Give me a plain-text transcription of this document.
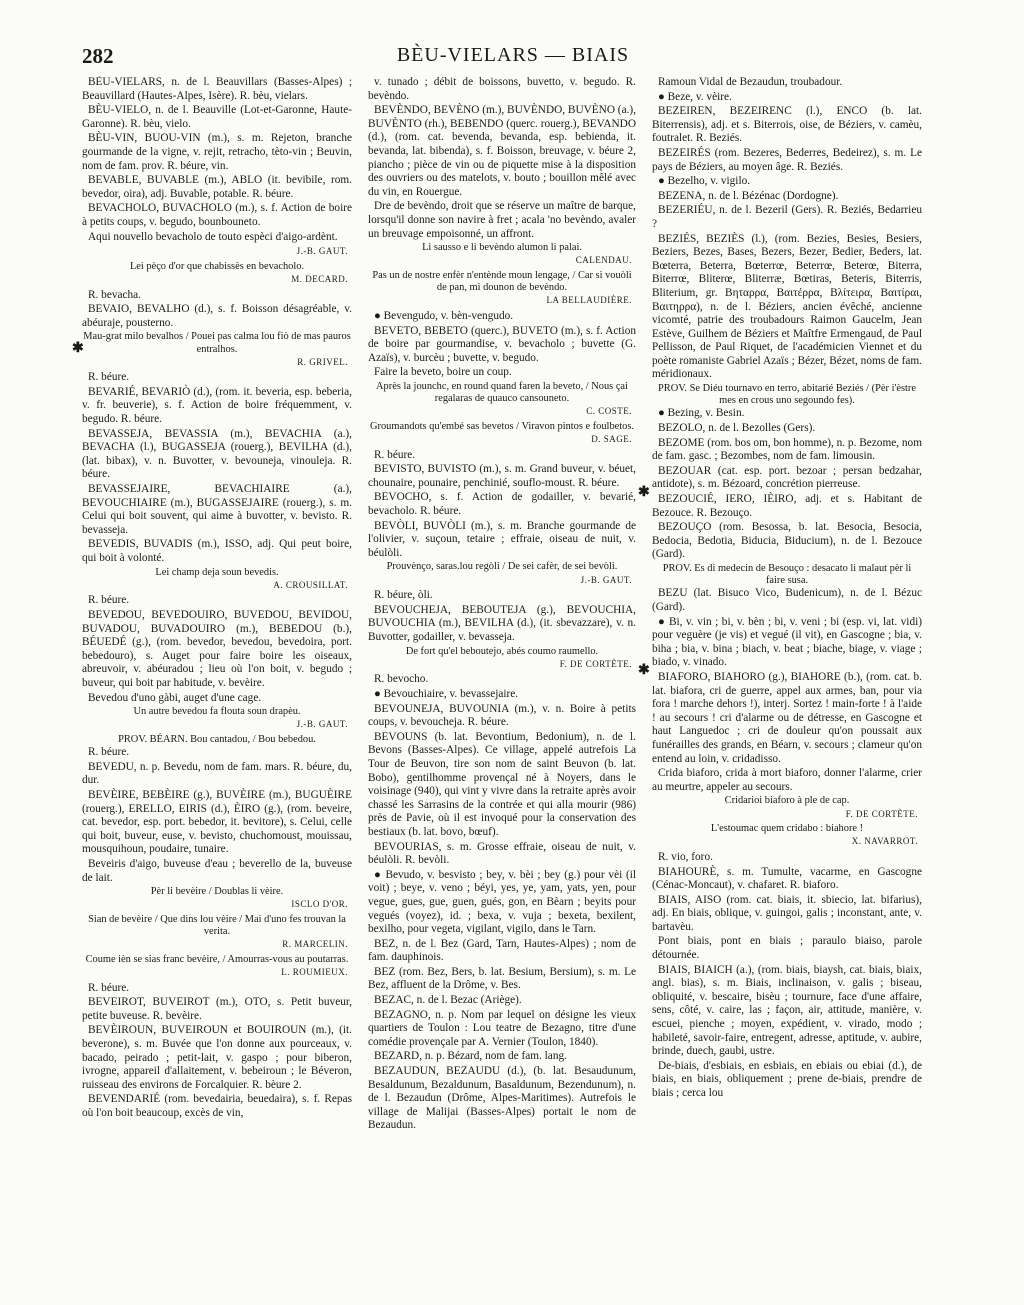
282	BÈU-VIELARS — BIAIS
BÈU-VIELARS, n. de l. Beauvillars (Basses-Alpes) ; Beauvillard (Hautes-Alpes, Isère). R. bèu, vielars.
BÈU-VIELO, n. de l. Beauville (Lot-et-Garonne, Haute-Garonne). R. bèu, vielo.
BÈU-VIN, BUOU-VIN (m.), s. m. Rejeton, branche gourmande de la vigne, v. rejit, retracho, tèto-vin ; Beuvin, nom de fam. prov. R. béure, vin.
BEVABLE, BUVABLE (m.), ABLO (it. bevibile, rom. bevedor, oira), adj. Buvable, potable. R. béure.
BEVACHOLO, BUVACHOLO (m.), s. f. Action de boire à petits coups, v. begudo, bounbouneto.
Aqui nouvello bevacholo de touto espèci d'aigo-ardènt.
J.-B. GAUT.
Lei pèço d'or que chabissès en bevacholo.
M. DECARD.
R. bevacha.
BEVAIO, BEVALHO (d.), s. f. Boisson désagréable, v. abéuraje, pousterno.
Mau-grat milo bevalhos / Pouei pas calma lou fiò de mas pauros entralhos.
R. GRIVEL.
R. béure.
BEVARIÉ, BEVARIÒ (d.), (rom. it. beveria, esp. beberia, v. fr. beuverie), s. f. Action de boire fréquemment, v. begudo. R. béure.
BEVASSEJA, BEVASSIA (m.), BEVACHIA (a.), BEVACHA (l.), BUGASSEJA (rouerg.), BEVILHA (d.), (lat. bibax), v. n. Buvotter, v. bevouneja, vinouleja. R. béure.
BEVASSEJAIRE, BEVACHIAIRE (a.), BEVOUCHIAIRE (m.), BUGASSEJAIRE (rouerg.), s. m. Celui qui boit souvent, qui aime à buvotter, v. bevisto. R. bevasseja.
BEVEDIS, BUVADIS (m.), ISSO, adj. Qui peut boire, qui boit à volonté.
Lei champ deja soun bevedis.
A. CROUSILLAT.
R. béure.
BEVEDOU, BEVEDOUIRO, BUVEDOU, BEVIDOU, BUVADOU, BUVADOUIRO (m.), BEBEDOU (b.), BÉUEDÉ (g.), (rom. bevedor, bevedou, bevedoira, port. bebedouro), s. Auget pour faire boire les oiseaux, abreuvoir, v. abéuradou ; lieu où l'on boit, v. begudo ; buveur, qui boit par habitude, v. bevèire.
Bevedou d'uno gàbi, auget d'une cage.
Un autre bevedou fa flouta soun drapèu.
J.-B. GAUT.
PROV. BÉARN. Bou cantadou, / Bou bebedou.
R. béure.
BEVEDU, n. p. Bevedu, nom de fam. mars. R. béure, du, dur.
BEVÈIRE, BEBÈIRE (g.), BUVÈIRE (m.), BUGUÈIRE (rouerg.), ERELLO, EIRIS (d.), ÈIRO (g.), (rom. beveire, cat. bevedor, esp. port. bebedor, it. bevitore), s. Celui, celle qui boit, buveur, euse, v. bevisto, chuchomoust, mouissau, mousquihoun, poudaire, tunaire.
Beveiris d'aigo, buveuse d'eau ; beverello de la, buveuse de lait.
Pèr li bevèire / Doublas li vèire.
ISCLO D'OR.
Sian de bevèire / Que dins lou vèire / Mai d'uno fes trouvan la verita.
R. MARCELIN.
Coume ièn se sias franc bevèire, / Amourras-vous au poutarras.
L. ROUMIEUX.
R. béure.
BEVEIROT, BUVEIROT (m.), OTO, s. Petit buveur, petite buveuse. R. bevèire.
BEVÈIROUN, BUVEIROUN et BOUIROUN (m.), (it. beverone), s. m. Buvée que l'on donne aux pourceaux, v. bacado, peirado ; petit-lait, v. gaspo ; pour biberon, ivrogne, appareil d'allaitement, v. bebeiroun ; le Béveron, ruisseau des environs de Forcalquier. R. bèure 2.
BEVENDARIÉ (rom. bevedairia, beuedaira), s. f. Repas où l'on boit beaucoup, excès de vin,
v. tunado ; débit de boissons, buvetto, v. begudo. R. bevèndo.
BEVÈNDO, BEVÈNO (m.), BUVÈNDO, BUVÈNO (a.), BUVÈNTO (rh.), BEBENDO (querc. rouerg.), BEVANDO (d.), (rom. cat. bevenda, bevanda, esp. bebienda, it. bevanda, lat. bibenda), s. f. Boisson, breuvage, v. béure 2, piancho ; pièce de vin ou de piquette mise à la disposition des ouvriers ou des matelots, v. bouto ; bouillon mêlé avec du vin, en Rouergue.
Dre de bevèndo, droit que se réserve un maître de barque, lorsqu'il donne son navire à fret ; acala 'no bevèndo, avaler un breuvage empoisonné, un affront.
Li sausso e li bevèndo alumon li palai.
CALENDAU.
Pas un de nostre enfèr n'entènde moun lengage, / Car si vouòli de pan, mi dounon de bevèndo.
LA BELLAUDIÈRE.
● Bevengudo, v. bèn-vengudo.
BEVETO, BEBETO (querc.), BUVETO (m.), s. f. Action de boire par gourmandise, v. bevacholo ; buvette (G. Azaïs), v. burcèu ; buvette, v. begudo.
Faire la beveto, boire un coup.
Après la jounchc, en round quand faren la beveto, / Nous çai regalaras de quauco cansouneto.
C. COSTE.
Groumandots qu'embé sas bevetos / Viravon pintos e foulbetos.
D. SAGE.
R. béure.
BEVISTO, BUVISTO (m.), s. m. Grand buveur, v. béuet, chounaire, pounaire, penchinié, souflo-moust. R. béure.
BEVOCHO, s. f. Action de godailler, v. bevarié, bevacholo. R. béure.
BEVÒLI, BUVÒLI (m.), s. m. Branche gourmande de l'olivier, v. suçoun, tetaire ; effraie, oiseau de nuit, v. béulòli.
Prouvènço, saras.lou regòli / De sei cafèr, de sei bevòli.
J.-B. GAUT.
R. béure, òli.
BEVOUCHEJA, BEBOUTEJA (g.), BEVOUCHIA, BUVOUCHIA (m.), BEVILHA (d.), (it. sbevazzare), v. n. Buvotter, godailler, v. bevasseja.
De fort qu'el beboutejo, abés coumo raumello.
F. DE CORTÈTE.
R. bevocho.
● Bevouchiaire, v. bevassejaire.
BEVOUNEJA, BUVOUNIA (m.), v. n. Boire à petits coups, v. bevoucheja. R. béure.
BEVOUNS (b. lat. Bevontium, Bedonium), n. de l. Bevons (Basses-Alpes). Ce village, appelé autrefois La Tour de Beuvon, tire son nom de saint Beuvon (b. lat. Bobo), gentilhomme provençal né à Noyers, dans le voisinage (940), qui vint y vivre dans la retraite après avoir chassé les Sarrasins de la contrée et qui alla mourir (986) près de Pavie, où il est invoqué pour la conservation des bestiaux (b. lat. bovo, bœuf).
BEVOURIAS, s. m. Grosse effraie, oiseau de nuit, v. béulòli. R. bevòli.
● Bevudo, v. besvisto ; bey, v. bèi ; bey (g.) pour vèi (il voit) ; beye, v. veno ; béyi, yes, ye, yam, yats, yen, pour vegue, gues, gue, guen, gués, gon, en Bèarn ; beyits pour vegués (voyez), id. ; bexa, v. vuja ; bexeta, bexilent, bexilho, pour vegeta, vigilant, vigilo, dans le Tarn.
BEZ, n. de l. Bez (Gard, Tarn, Hautes-Alpes) ; nom de fam. dauphinois.
BEZ (rom. Bez, Bers, b. lat. Besium, Bersium), s. m. Le Bez, affluent de la Drôme, v. Bes.
BEZAC, n. de l. Bezac (Ariège).
BEZAGNO, n. p. Nom par lequel on désigne les vieux quartiers de Toulon : Lou teatre de Bezagno, titre d'une comédie provençale par A. Vernier (Toulon, 1840).
BEZARD, n. p. Bézard, nom de fam. lang.
BEZAUDUN, BEZAUDU (d.), (b. lat. Besaudunum, Besaldunum, Bezaldunum, Basaldunum, Bezendunum), n. de l. Bezaudun (Drôme, Alpes-Maritimes). Autrefois le village de Malijai (Basses-Alpes) portait le nom de Bezaudun.
Ramoun Vidal de Bezaudun, troubadour.
● Beze, v. vèire.
BEZEIREN, BEZEIRENC (l.), ENCO (b. lat. Biterrensis), adj. et s. Biterrois, oise, de Béziers, v. camèu, foutralet. R. Beziés.
BEZEIRÉS (rom. Bezeres, Bederres, Bedeirez), s. m. Le pays de Béziers, au moyen âge. R. Beziés.
● Bezelho, v. vigilo.
BEZENA, n. de l. Bézénac (Dordogne).
BEZERIÉU, n. de l. Bezeril (Gers). R. Beziés, Bedarrieu ?
BEZIÉS, BEZIÈS (l.), (rom. Bezies, Besies, Besiers, Beziers, Bezes, Bases, Bezers, Bezer, Bedier, Beders, lat. Bœterra, Beterra, Bœterrœ, Beterrœ, Beterœ, Biterra, Biterrœ, Bliterœ, Bliterræ, Bœtiras, Beteris, Biterris, Bliterium, gr. Βηταρρα, Βαιτέρρα, Βλίτειρα, Βαιτίραι, Βαιτηρρα), n. de l. Béziers, ancien évêché, ancienne vicomté, patrie des troubadours Raimon Gaucelm, Jean Estève, Guilhem de Béziers et Maîtfre Ermengaud, de Paul Pellisson, de Paul Riquet, de l'académicien Viennet et du poète romaniste Gabriel Azaïs ; Bézer, Bézet, noms de fam. méridionaux.
PROV. Se Diéu tournavo en terro, abitarié Beziés / (Pèr i'èstre mes en crous uno segoundo fes).
● Bezing, v. Besin.
BEZOLO, n. de l. Bezolles (Gers).
BEZOME (rom. bos om, bon homme), n. p. Bezome, nom de fam. gasc. ; Bezombes, nom de fam. limousin.
BEZOUAR (cat. esp. port. bezoar ; persan bedzahar, antidote), s. m. Bézoard, concrétion pierreuse.
BEZOUCIÉ, IERO, IÈIRO, adj. et s. Habitant de Bezouce. R. Bezouço.
BEZOUÇO (rom. Besossa, b. lat. Besocia, Besocia, Bedocia, Bedotia, Biducia, Biducium), n. de l. Bezouce (Gard).
PROV. Es di medecin de Besouço : desacato li malaut pèr li faire susa.
BEZU (lat. Bisuco Vico, Budenicum), n. de l. Bézuc (Gard).
● Bi, v. vin ; bi, v. bèn ; bi, v. veni ; bi (esp. vi, lat. vidi) pour veguère (je vis) et vegué (il vit), en Gascogne ; bia, v. biha ; bia, v. bina ; biach, v. beat ; biache, biage, v. viage ; biado, v. vinado.
BIAFORO, BIAHORO (g.), BIAHORE (b.), (rom. cat. b. lat. biafora, cri de guerre, appel aux armes, ban, pour via fora ! marche dehors !), interj. Sortez ! main-forte ! à l'aide ! au secours ! cri d'alarme ou de détresse, en Gascogne et haut Languedoc ; cri de douleur qu'on poussait aux funérailles des grands, en Béarn, v. secours ; clameur qu'on entend au loin, v. cridadisso.
Crida biaforo, crida à mort biaforo, donner l'alarme, crier au meurtre, appeler au secours.
Cridarioi biaforo à ple de cap.
F. DE CORTÈTE.
L'estoumac quem cridabo : biahore !
X. NAVARROT.
R. vio, foro.
BIAHOURÈ, s. m. Tumulte, vacarme, en Gascogne (Cénac-Moncaut), v. chafaret. R. biaforo.
BIAIS, AISO (rom. cat. biais, it. sbiecio, lat. bifarius), adj. En biais, oblique, v. guingoi, galis ; inconstant, ante, v. bartavèu.
Pont biais, pont en biais ; paraulo biaiso, parole détournée.
BIAIS, BIAICH (a.), (rom. biais, biaysh, cat. biais, biaix, angl. bias), s. m. Biais, inclinaison, v. galis ; biseau, obliquité, v. bescaire, bisèu ; tournure, face d'une affaire, sens, côté, v. caire, las ; façon, air, attitude, manière, v. escuei, pienche ; moyen, expédient, v. virado, modo ; habileté, savoir-faire, entregent, adresse, aptitude, v. aubire, brinde, duech, gaubi, ustre.
De-biais, d'esbiais, en esbiais, en ebiais ou ebiai (d.), de biais, en biais, obliquement ; prene de-biais, prendre de biais ; cerca lou
✱
✱
✱
